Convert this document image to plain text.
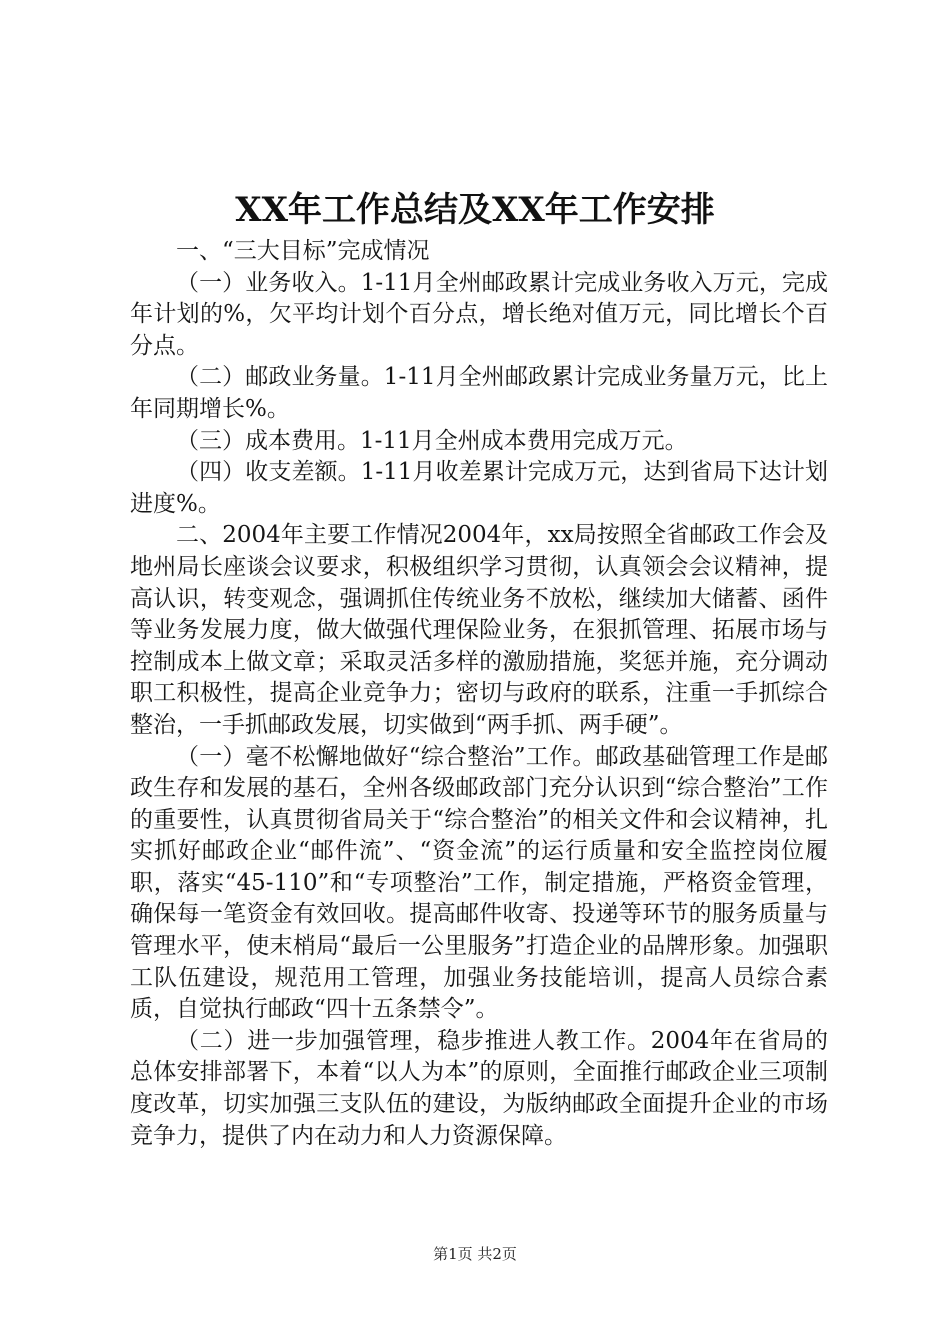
XX年工作总结及XX年工作安排

一、“三大目标”完成情况

（一）业务收入。1-11月全州邮政累计完成业务收入万元，完成年计划的%，欠平均计划个百分点，增长绝对值万元，同比增长个百分点。

（二）邮政业务量。1-11月全州邮政累计完成业务量万元，比上年同期增长%。

（三）成本费用。1-11月全州成本费用完成万元。

（四）收支差额。1-11月收差累计完成万元，达到省局下达计划进度%。

二、2004年主要工作情况2004年，xx局按照全省邮政工作会及地州局长座谈会议要求，积极组织学习贯彻，认真领会会议精神，提高认识，转变观念，强调抓住传统业务不放松，继续加大储蓄、函件等业务发展力度，做大做强代理保险业务，在狠抓管理、拓展市场与控制成本上做文章；采取灵活多样的激励措施，奖惩并施，充分调动职工积极性，提高企业竞争力；密切与政府的联系，注重一手抓综合整治，一手抓邮政发展，切实做到“两手抓、两手硬”。

（一）毫不松懈地做好“综合整治”工作。邮政基础管理工作是邮政生存和发展的基石，全州各级邮政部门充分认识到“综合整治”工作的重要性，认真贯彻省局关于“综合整治”的相关文件和会议精神，扎实抓好邮政企业“邮件流”、“资金流”的运行质量和安全监控岗位履职，落实“45-110”和“专项整治”工作，制定措施，严格资金管理，确保每一笔资金有效回收。提高邮件收寄、投递等环节的服务质量与管理水平，使末梢局“最后一公里服务”打造企业的品牌形象。加强职工队伍建设，规范用工管理，加强业务技能培训，提高人员综合素质，自觉执行邮政“四十五条禁令”。

（二）进一步加强管理，稳步推进人教工作。2004年在省局的总体安排部署下，本着“以人为本”的原则，全面推行邮政企业三项制度改革，切实加强三支队伍的建设，为版纳邮政全面提升企业的市场竞争力，提供了内在动力和人力资源保障。

第1页 共2页
